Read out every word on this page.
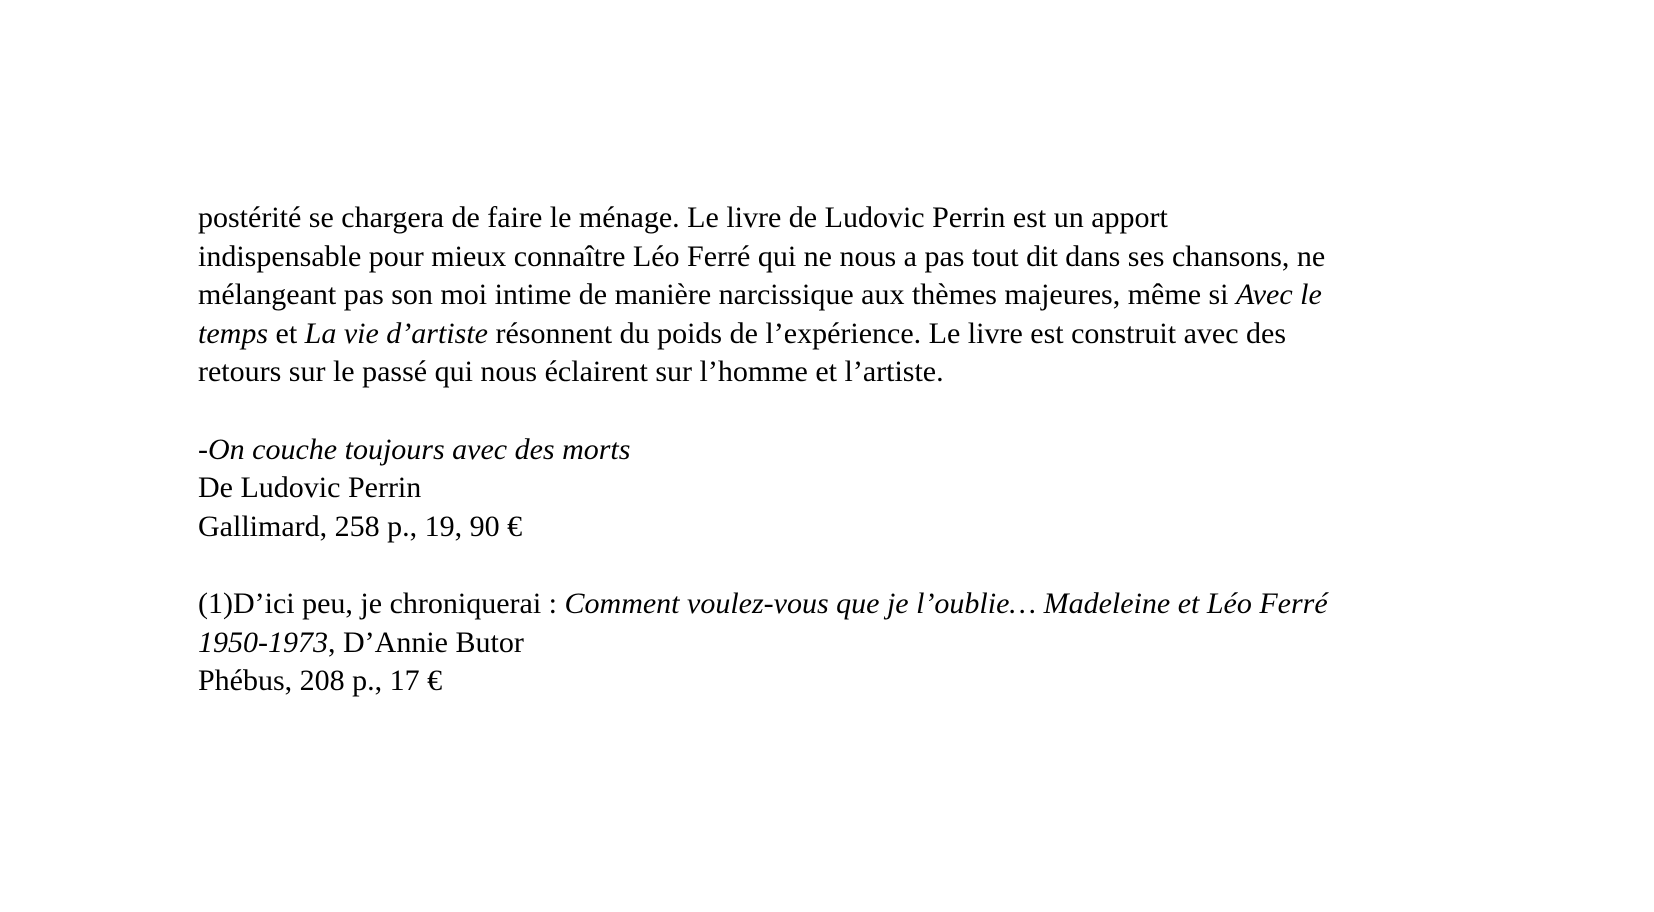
postérité se chargera de faire le ménage. Le livre de Ludovic Perrin est un apport
indispensable pour mieux connaître Léo Ferré qui ne nous a pas tout dit dans ses chansons, ne
mélangeant pas son moi intime de manière narcissique aux thèmes majeures, même si Avec le
temps et La vie d’artiste résonnent du poids de l’expérience. Le livre est construit avec des
retours sur le passé qui nous éclairent sur l’homme et l’artiste.
-On couche toujours avec des morts
De Ludovic Perrin
Gallimard, 258 p., 19, 90 €
(1)D’ici peu, je chroniquerai : Comment voulez-vous que je l’oublie… Madeleine et Léo Ferré
1950-1973, D’Annie Butor
Phébus, 208 p., 17 €
